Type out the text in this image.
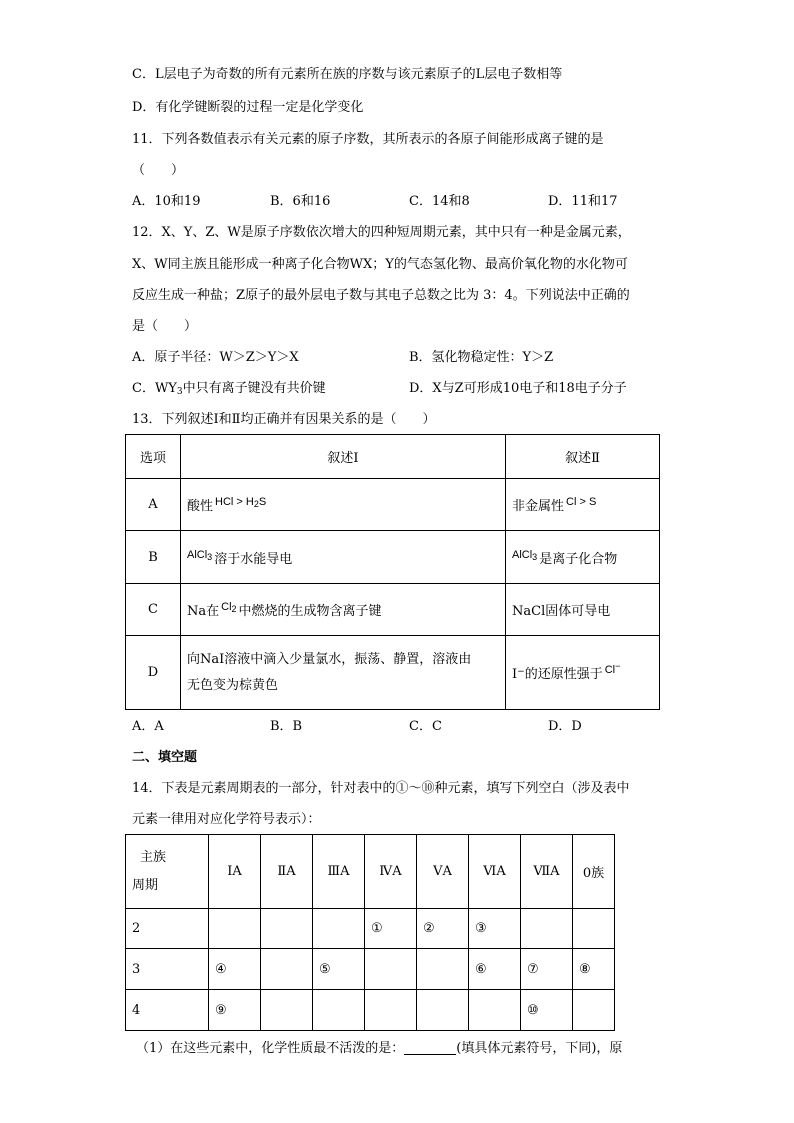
C．L层电子为奇数的所有元素所在族的序数与该元素原子的L层电子数相等
D．有化学键断裂的过程一定是化学变化
11．下列各数值表示有关元素的原子序数，其所表示的各原子间能形成离子键的是
（　　）
A．10和19	B．6和16	C．14和8	D．11和17
12．X、Y、Z、W是原子序数依次增大的四种短周期元素，其中只有一种是金属元素，
X、W同主族且能形成一种离子化合物WX；Y的气态氢化物、最高价氧化物的水化物可
反应生成一种盐；Z原子的最外层电子数与其电子总数之比为 3：4。下列说法中正确的
是（　　）
A．原子半径：W＞Z＞Y＞X	B．氢化物稳定性：Y＞Z
C．$WY_3$中只有离子键没有共价键	D．X与Z可形成10电子和18电子分子
13．下列叙述Ⅰ和Ⅱ均正确并有因果关系的是（　　）
选项	叙述Ⅰ	叙述Ⅱ
A	酸性 $^{HCl > H_2S}$	非金属性 $^{Cl > S}$
B	$^{AlCl_3}$ 溶于水能导电	$^{AlCl_3}$ 是离子化合物
C	Na在 $^{Cl_2}$ 中燃烧的生成物含离子键	NaCl固体可导电
D	向NaI溶液中滴入少量氯水，振荡、静置，溶液由
无色变为棕黄色	I−的还原性强于 $^{Cl^-}$
A．A	B．B	C．C	D．D
二、填空题
14．下表是元素周期表的一部分，针对表中的①～⑩种元素，填写下列空白（涉及表中
元素一律用对应化学符号表示）：
主族
周期	ⅠA	ⅡA	ⅢA	ⅣA	ⅤA	ⅥA	ⅦA	0族
2				①	②	③		
3	④		⑤			⑥	⑦	⑧
4	⑨						⑩	
（1）在这些元素中，化学性质最不活泼的是：	(填具体元素符号，下同)，原
